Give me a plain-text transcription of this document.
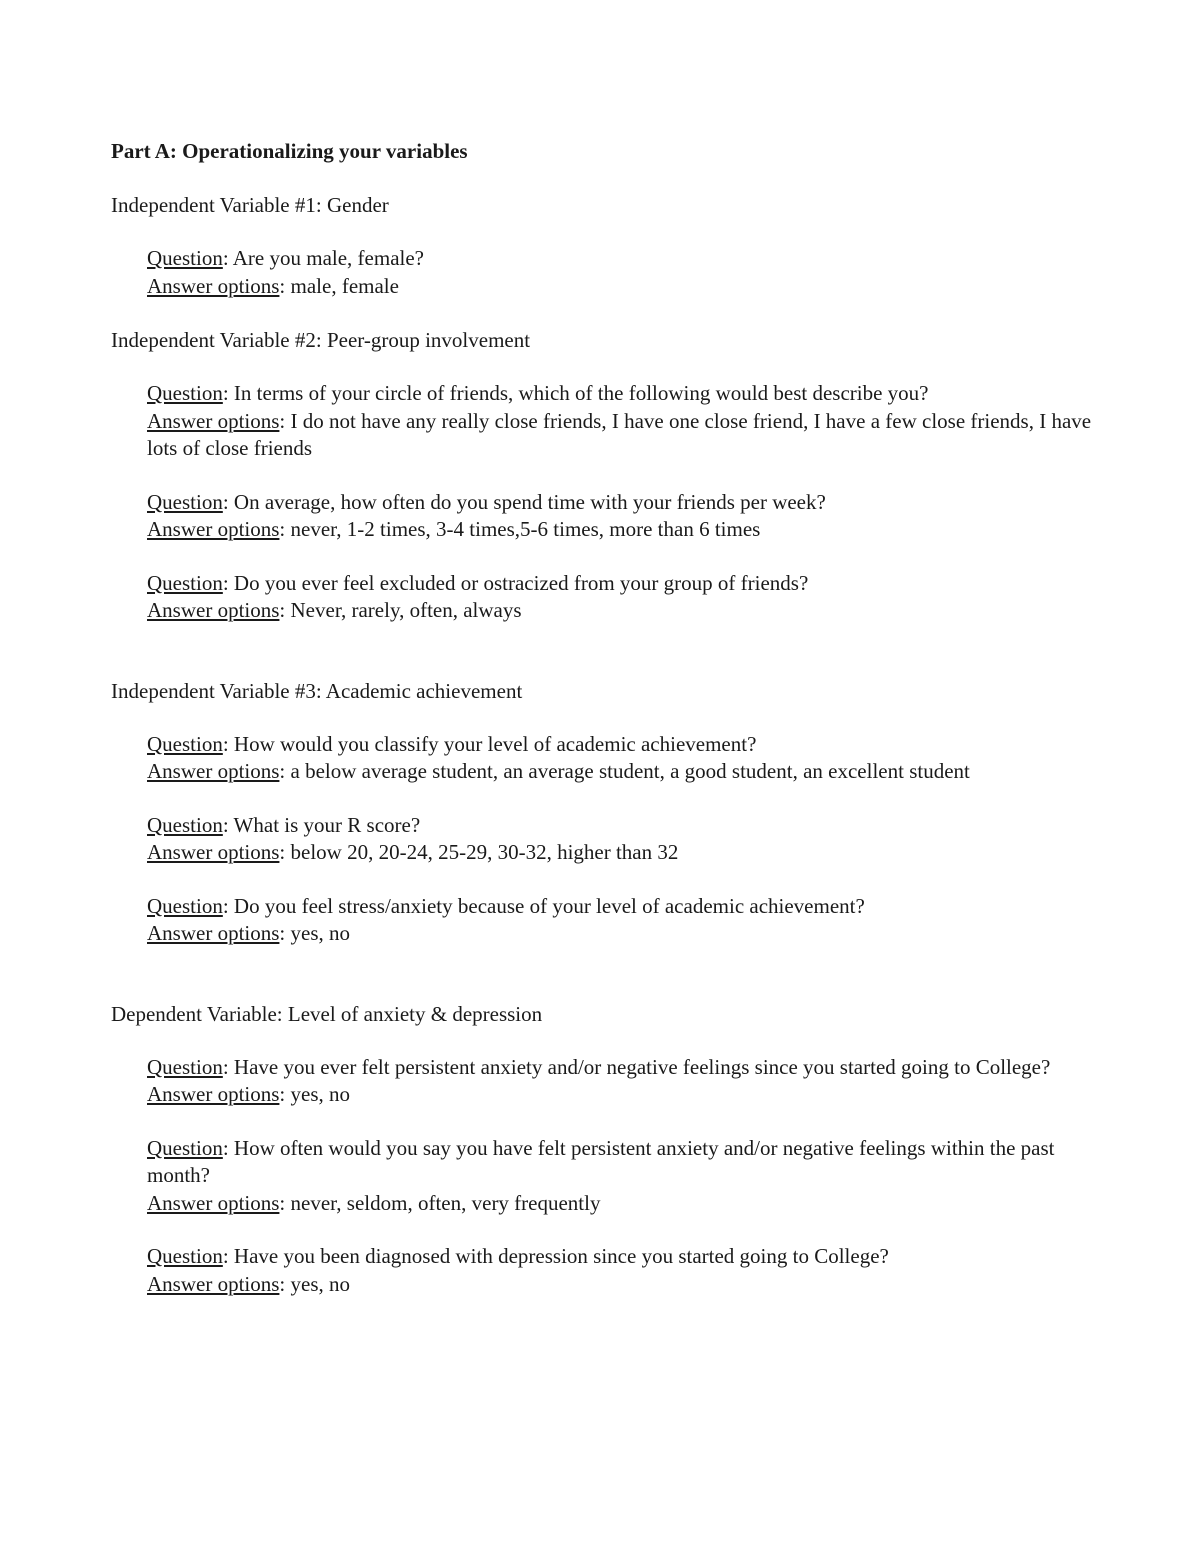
Part A: Operationalizing your variables

Independent Variable #1: Gender

Question: Are you male, female?

Answer options: male, female

Independent Variable #2: Peer-group involvement

Question: In terms of your circle of friends, which of the following would best describe you?

Answer options: I do not have any really close friends, I have one close friend, I have a few close friends, I have lots of close friends

Question: On average, how often do you spend time with your friends per week?

Answer options: never, 1-2 times, 3-4 times,5-6 times, more than 6 times

Question: Do you ever feel excluded or ostracized from your group of friends?

Answer options: Never, rarely, often, always

Independent Variable #3: Academic achievement

Question: How would you classify your level of academic achievement?

Answer options: a below average student, an average student, a good student, an excellent student

Question: What is your R score?

Answer options: below 20, 20-24, 25-29, 30-32, higher than 32

Question: Do you feel stress/anxiety because of your level of academic achievement?

Answer options: yes, no

Dependent Variable: Level of anxiety & depression

Question: Have you ever felt persistent anxiety and/or negative feelings since you started going to College?

Answer options: yes, no

Question: How often would you say you have felt persistent anxiety and/or negative feelings within the past month?

Answer options: never, seldom, often, very frequently

Question: Have you been diagnosed with depression since you started going to College?

Answer options: yes, no
